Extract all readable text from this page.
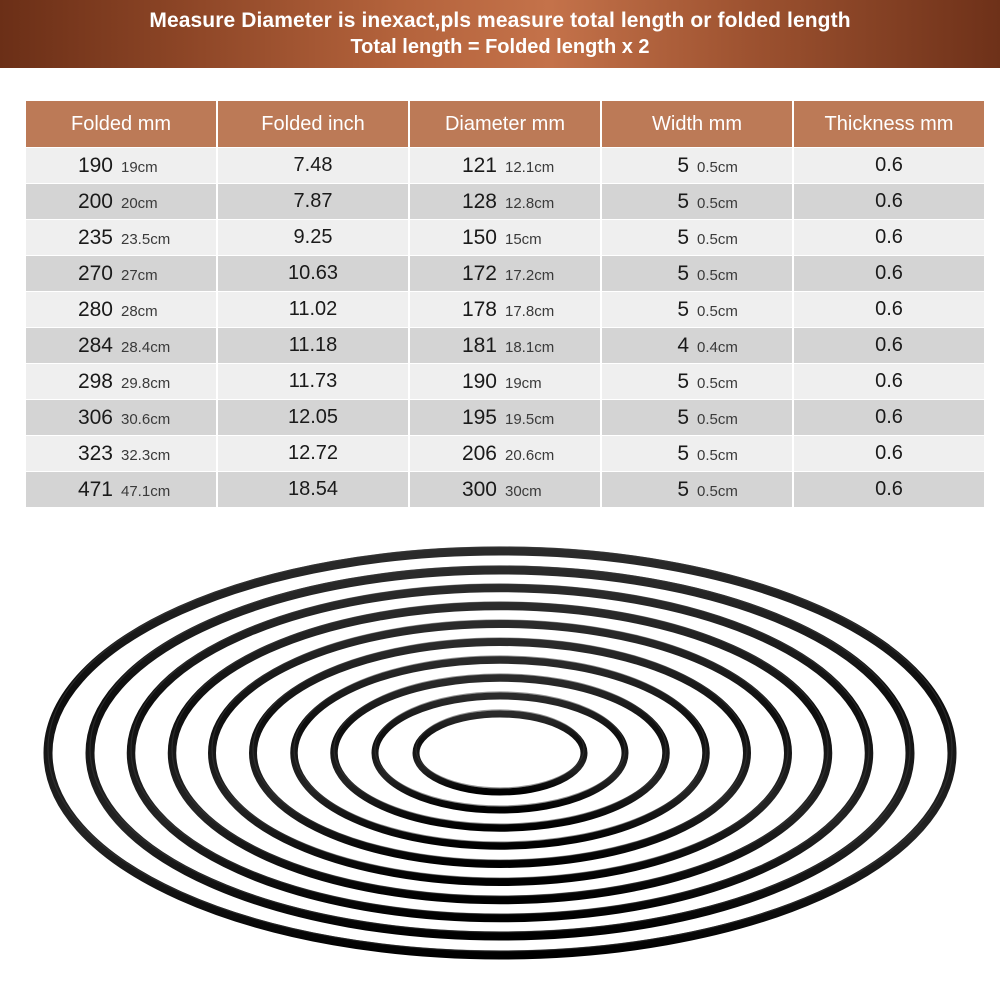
Measure Diameter is inexact,pls measure total length or folded length
Total length = Folded length x 2
Folded mm	Folded inch	Diameter mm	Width mm	Thickness mm

190 19cm	7.48	121 12.1cm	5 0.5cm	0.6

200 20cm	7.87	128 12.8cm	5 0.5cm	0.6

235 23.5cm	9.25	150 15cm	5 0.5cm	0.6

270 27cm	10.63	172 17.2cm	5 0.5cm	0.6

280 28cm	11.02	178 17.8cm	5 0.5cm	0.6

284 28.4cm	11.18	181 18.1cm	4 0.4cm	0.6

298 29.8cm	11.73	190 19cm	5 0.5cm	0.6

306 30.6cm	12.05	195 19.5cm	5 0.5cm	0.6

323 32.3cm	12.72	206 20.6cm	5 0.5cm	0.6

471 47.1cm	18.54	300 30cm	5 0.5cm	0.6
